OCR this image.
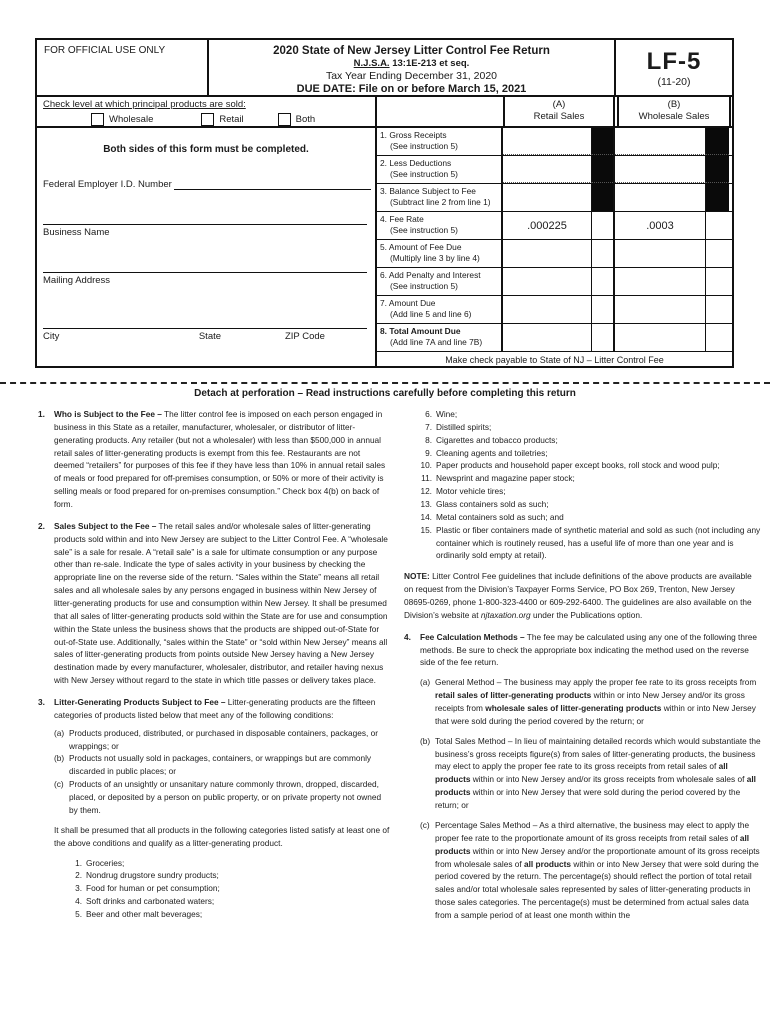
FOR OFFICIAL USE ONLY	2020 State of New Jersey Litter Control Fee Return
N.J.S.A. 13:1E-213 et seq.
Tax Year Ending December 31, 2020
DUE DATE: File on or before March 15, 2021
LF-5
(11-20)
Check level at which principal products are sold:
Wholesale	Retail	Both
(A)
Retail Sales
(B)
Wholesale Sales
Both sides of this form must be completed.
Federal Employer I.D. Number
Business Name
Mailing Address
City	State	ZIP Code
1. Gross Receipts
(See instruction 5)
2. Less Deductions
(See instruction 5)
3. Balance Subject to Fee
(Subtract line 2 from line 1)
4. Fee Rate
(See instruction 5)	.000225	.0003
5. Amount of Fee Due
(Multiply line 3 by line 4)
6. Add Penalty and Interest
(See instruction 5)
7. Amount Due
(Add line 5 and line 6)
8. Total Amount Due
(Add line 7A and line 7B)
Make check payable to State of NJ – Litter Control Fee
Detach at perforation – Read instructions carefully before completing this return
1. Who is Subject to the Fee – The litter control fee is imposed on each person engaged in business in this State as a retailer, manufacturer, wholesaler, or distributor of litter-generating products. Any retailer (but not a wholesaler) with less than $500,000 in annual retail sales of litter-generating products is exempt from this fee. Restaurants are not deemed “retailers” for purposes of this fee if they have less than 10% in annual retail sales of meals or food prepared for off-premises consumption, or 50% or more of their activity is selling meals or food prepared for on-premises consumption.” Check box 4(b) on back of form.
2. Sales Subject to the Fee – The retail sales and/or wholesale sales of litter-generating products sold within and into New Jersey are subject to the Litter Control Fee. A “wholesale sale” is a sale for resale. A “retail sale” is a sale for ultimate consumption or any purpose other than re-sale. Indicate the type of sales activity in your business by checking the appropriate line on the reverse side of the return. “Sales within the State” means all retail sales and all wholesale sales by any persons engaged in business within New Jersey of litter-generating products for use and consumption within New Jersey. It shall be presumed that all sales of litter-generating products sold within the State are for use and consumption within the State unless the business shows that the products are shipped out-of-State for out-of-State use. Additionally, “sales within the State” or “sold within New Jersey” means all sales of litter-generating products from points outside New Jersey having a New Jersey destination made by every manufacturer, wholesaler, distributor, and retailer having nexus with New Jersey without regard to the state in which title passes or delivery takes place.
3. Litter-Generating Products Subject to Fee – Litter-generating products are the fifteen categories of products listed below that meet any of the following conditions:
(a) Products produced, distributed, or purchased in disposable containers, packages, or wrappings; or
(b) Products not usually sold in packages, containers, or wrappings but are commonly discarded in public places; or
(c) Products of an unsightly or unsanitary nature commonly thrown, dropped, discarded, placed, or deposited by a person on public property, or on private property not owned by them.
It shall be presumed that all products in the following categories listed satisfy at least one of the above conditions and qualify as a litter-generating product.
1. Groceries;
2. Nondrug drugstore sundry products;
3. Food for human or pet consumption;
4. Soft drinks and carbonated waters;
5. Beer and other malt beverages;
6. Wine;
7. Distilled spirits;
8. Cigarettes and tobacco products;
9. Cleaning agents and toiletries;
10. Paper products and household paper except books, roll stock and wood pulp;
11. Newsprint and magazine paper stock;
12. Motor vehicle tires;
13. Glass containers sold as such;
14. Metal containers sold as such; and
15. Plastic or fiber containers made of synthetic material and sold as such (not including any container which is routinely reused, has a useful life of more than one year and is ordinarily sold empty at retail).
NOTE: Litter Control Fee guidelines that include definitions of the above products are available on request from the Division’s Taxpayer Forms Service, PO Box 269, Trenton, New Jersey 08695-0269, phone 1-800-323-4400 or 609-292-6400. The guidelines are also available on the Division’s website at njtaxation.org under the Publications option.
4. Fee Calculation Methods – The fee may be calculated using any one of the following three methods. Be sure to check the appropriate box indicating the method used on the reverse side of the fee return.
(a) General Method – The business may apply the proper fee rate to its gross receipts from retail sales of litter-generating products within or into New Jersey and/or its gross receipts from wholesale sales of litter-generating products within or into New Jersey that were sold during the period covered by the return; or
(b) Total Sales Method – In lieu of maintaining detailed records which would substantiate the business’s gross receipts figure(s) from sales of litter-generating products, the business may elect to apply the proper fee rate to its gross receipts from retail sales of all products within or into New Jersey and/or its gross receipts from wholesale sales of all products within or into New Jersey that were sold during the period covered by the return; or
(c) Percentage Sales Method – As a third alternative, the business may elect to apply the proper fee rate to the proportionate amount of its gross receipts from retail sales of all products within or into New Jersey and/or the proportionate amount of its gross receipts from wholesale sales of all products within or into New Jersey that were sold during the period covered by the return. The percentage(s) should reflect the portion of total retail sales and/or total wholesale sales represented by sales of litter-generating products in those sales categories. The percentage(s) must be determined from actual sales data from a sample period of at least one month within the
